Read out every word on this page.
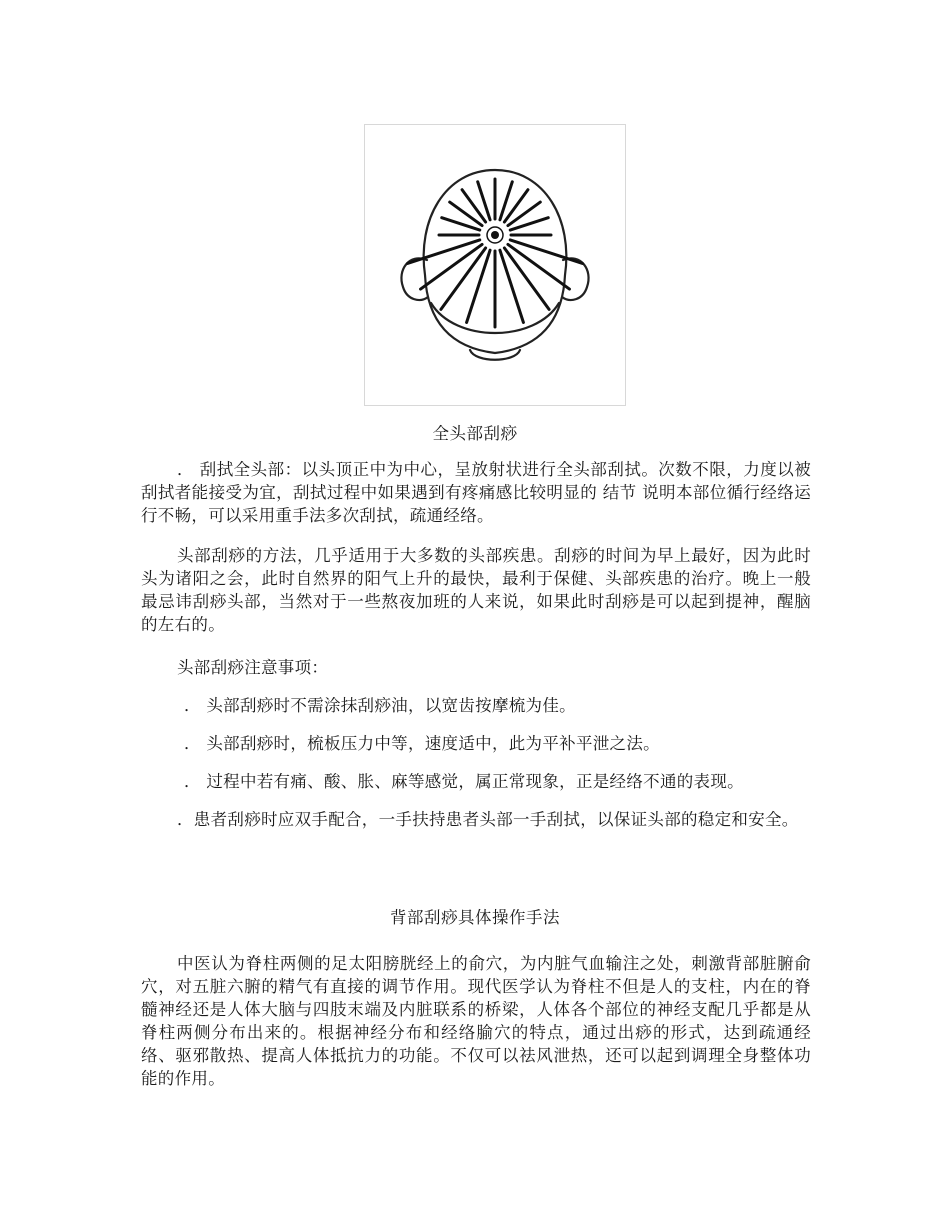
全头部刮痧
． 刮拭全头部：以头顶正中为中心，呈放射状进行全头部刮拭。次数不限，力度以被刮拭者能接受为宜，刮拭过程中如果遇到有疼痛感比较明显的 结节 说明本部位循行经络运行不畅，可以采用重手法多次刮拭，疏通经络。
头部刮痧的方法，几乎适用于大多数的头部疾患。刮痧的时间为早上最好，因为此时头为诸阳之会，此时自然界的阳气上升的最快，最利于保健、头部疾患的治疗。晚上一般最忌讳刮痧头部，当然对于一些熬夜加班的人来说，如果此时刮痧是可以起到提神，醒脑的左右的。
头部刮痧注意事项：
． 头部刮痧时不需涂抹刮痧油，以宽齿按摩梳为佳。
． 头部刮痧时，梳板压力中等，速度适中，此为平补平泄之法。
． 过程中若有痛、酸、胀、麻等感觉，属正常现象，正是经络不通的表现。
．患者刮痧时应双手配合，一手扶持患者头部一手刮拭，以保证头部的稳定和安全。
背部刮痧具体操作手法
中医认为脊柱两侧的足太阳膀胱经上的俞穴，为内脏气血输注之处，刺激背部脏腑俞穴，对五脏六腑的精气有直接的调节作用。现代医学认为脊柱不但是人的支柱，内在的脊髓神经还是人体大脑与四肢末端及内脏联系的桥梁，人体各个部位的神经支配几乎都是从脊柱两侧分布出来的。根据神经分布和经络腧穴的特点，通过出痧的形式，达到疏通经络、驱邪散热、提高人体抵抗力的功能。不仅可以祛风泄热，还可以起到调理全身整体功能的作用。
